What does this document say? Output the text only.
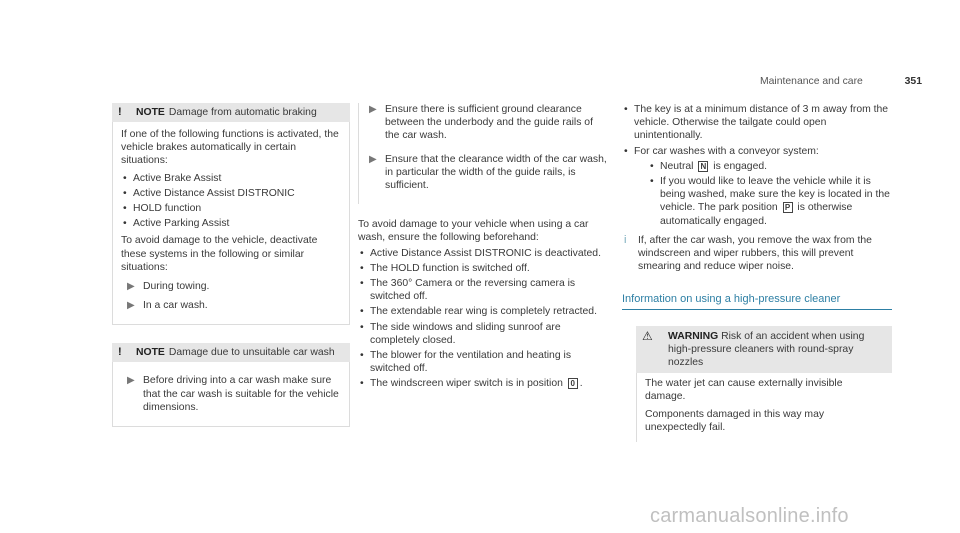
Maintenance and care	351
!	NOTE Damage from automatic braking

If one of the following functions is activated, the vehicle brakes automatically in certain situations:

• Active Brake Assist
• Active Distance Assist DISTRONIC
• HOLD function
• Active Parking Assist

To avoid damage to the vehicle, deactivate these systems in the following or similar situations:

▶ During towing.
▶ In a car wash.
!	NOTE Damage due to unsuitable car wash
▶ Before driving into a car wash make sure that the car wash is suitable for the vehicle dimensions.
▶ Ensure there is sufficient ground clearance between the underbody and the guide rails of the car wash.
▶ Ensure that the clearance width of the car wash, in particular the width of the guide rails, is sufficient.

To avoid damage to your vehicle when using a car wash, ensure the following beforehand:

• Active Distance Assist DISTRONIC is deactivated.
• The HOLD function is switched off.
• The 360° Camera or the reversing camera is switched off.
• The extendable rear wing is completely retracted.
• The side windows and sliding sunroof are completely closed.
• The blower for the ventilation and heating is switched off.
• The windscreen wiper switch is in position 0 .
• The key is at a minimum distance of 3 m away from the vehicle. Otherwise the tailgate could open unintentionally.
• For car washes with a conveyor system:
• Neutral N is engaged.
• If you would like to leave the vehicle while it is being washed, make sure the key is located in the vehicle. The park position P is otherwise automatically engaged.
i If, after the car wash, you remove the wax from the windscreen and wiper rubbers, this will prevent smearing and reduce wiper noise.
Information on using a high-pressure cleaner
⚠	WARNING Risk of an accident when using high-pressure cleaners with round-spray nozzles

The water jet can cause externally invisible damage.

Components damaged in this way may unexpectedly fail.

carmanualsonline.info
